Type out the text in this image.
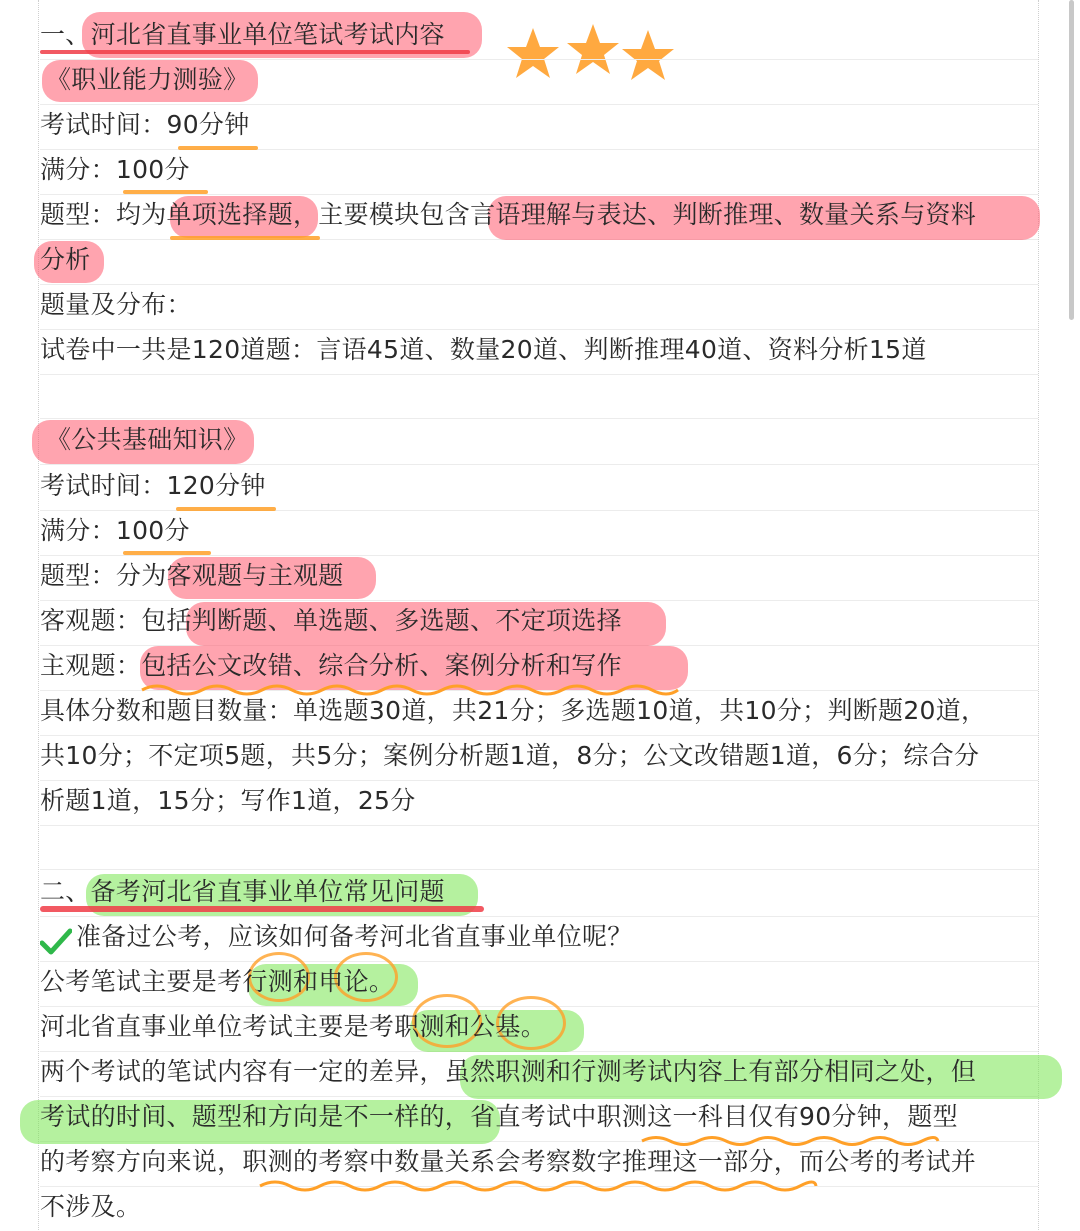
一、河北省直事业单位笔试考试内容
《职业能力测验》
考试时间：90分钟
满分：100分
题型：均为单项选择题，主要模块包含言语理解与表达、判断推理、数量关系与资料
分析
题量及分布：
试卷中一共是120道题：言语45道、数量20道、判断推理40道、资料分析15道
《公共基础知识》
考试时间：120分钟
满分：100分
题型：分为客观题与主观题
客观题：包括判断题、单选题、多选题、不定项选择
主观题：包括公文改错、综合分析、案例分析和写作
具体分数和题目数量：单选题30道，共21分；多选题10道，共10分；判断题20道，
共10分；不定项5题，共5分；案例分析题1道，8分；公文改错题1道，6分；综合分
析题1道，15分；写作1道，25分
二、备考河北省直事业单位常见问题
准备过公考，应该如何备考河北省直事业单位呢？
公考笔试主要是考行测和申论。
河北省直事业单位考试主要是考职测和公基。
两个考试的笔试内容有一定的差异，虽然职测和行测考试内容上有部分相同之处，但
考试的时间、题型和方向是不一样的，省直考试中职测这一科目仅有90分钟，题型
的考察方向来说，职测的考察中数量关系会考察数字推理这一部分，而公考的考试并
不涉及。
